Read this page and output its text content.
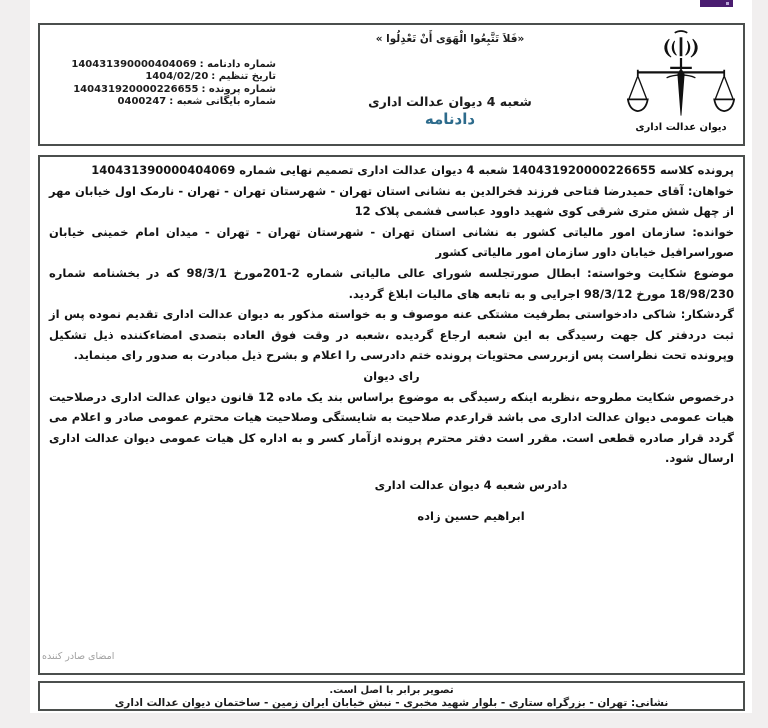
شماره دادنامه :140431390000404069
تاریخ تنظیم :1404/02/20
شماره پرونده :140431920000226655
شماره بایگانی شعبه :0400247
«فَلاَ تَتَّبِعُوا الْهَوَی أَنْ تَعْدِلُوا »
شعبه 4 دیوان عدالت اداری
دادنامه	دیوان عدالت اداری

پرونده کلاسه 140431920000226655 شعبه 4 دیوان عدالت اداری تصمیم نهایی شماره 140431390000404069

خواهان: آقای حمیدرضا فتاحی فرزند فخرالدین به نشانی استان تهران - شهرستان تهران - تهران - نارمک اول خیابان مهر از چهل شش متری شرقی کوی شهید داوود عباسی فشمی پلاک 12

خوانده: سازمان امور مالیاتی کشور به نشانی استان تهران - شهرستان تهران - تهران - میدان امام خمینی خیابان صوراسرافیل خیابان داور سازمان امور مالیاتی کشور

موضوع شکایت وخواسته: ابطال صورتجلسه شورای عالی مالیاتی شماره 2-201مورخ 98/3/1 که در بخشنامه شماره 18/98/230 مورخ 98/3/12 اجرایی و به تابعه های مالیات ابلاغ گردید.

گردشکار: شاکی دادخواستی بطرفیت مشتکی عنه موصوف و به خواسته مذکور به دیوان عدالت اداری تقدیم نموده پس از ثبت دردفتر کل جهت رسیدگی به این شعبه ارجاع گردیده ،شعبه در وقت فوق العاده بتصدی امضاءکننده ذیل تشکیل وپرونده تحت نظراست پس ازبررسی محتویات پرونده ختم دادرسی را اعلام و بشرح ذیل مبادرت به صدور رای مینماید.

رای دیوان

درخصوص شکایت مطروحه ،نظربه اینکه رسیدگی به موضوع براساس بند یک ماده 12 قانون دیوان عدالت اداری درصلاحیت هیات عمومی دیوان عدالت اداری می باشد قرارعدم صلاحیت به شایستگی وصلاحیت هیات محترم عمومی صادر و اعلام می گردد قرار صادره قطعی است. مقرر است دفتر محترم پرونده ازآمار کسر و به اداره کل هیات عمومی دیوان عدالت اداری ارسال شود.

دادرس شعبه 4 دیوان عدالت اداری
ابراهیم حسین زاده
امضای صادر کننده
تصویر برابر با اصل است.
نشانی: تهران - بزرگراه ستاری - بلوار شهید مخبری - نبش خیابان ایران زمین - ساختمان دیوان عدالت اداری
